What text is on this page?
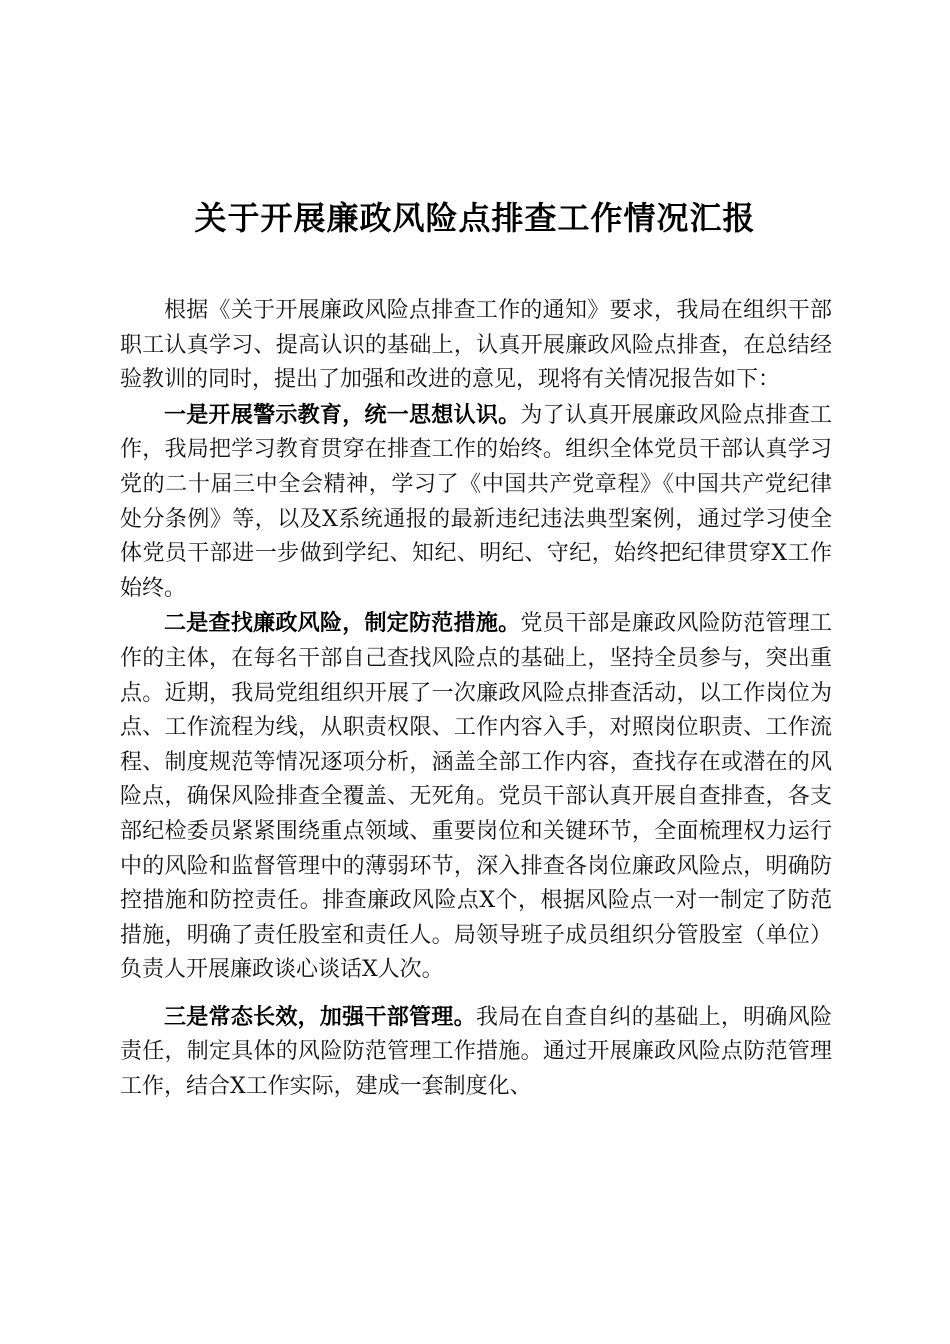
关于开展廉政风险点排查工作情况汇报

根据《关于开展廉政风险点排查工作的通知》要求，我局在组织干部职工认真学习、提高认识的基础上，认真开展廉政风险点排查，在总结经验教训的同时，提出了加强和改进的意见，现将有关情况报告如下：

一是开展警示教育，统一思想认识。为了认真开展廉政风险点排查工作，我局把学习教育贯穿在排查工作的始终。组织全体党员干部认真学习党的二十届三中全会精神，学习了《中国共产党章程》《中国共产党纪律处分条例》等，以及X系统通报的最新违纪违法典型案例，通过学习使全体党员干部进一步做到学纪、知纪、明纪、守纪，始终把纪律贯穿X工作始终。

二是查找廉政风险，制定防范措施。党员干部是廉政风险防范管理工作的主体，在每名干部自己查找风险点的基础上，坚持全员参与，突出重点。近期，我局党组组织开展了一次廉政风险点排查活动，以工作岗位为点、工作流程为线，从职责权限、工作内容入手，对照岗位职责、工作流程、制度规范等情况逐项分析，涵盖全部工作内容，查找存在或潜在的风险点，确保风险排查全覆盖、无死角。党员干部认真开展自查排查，各支部纪检委员紧紧围绕重点领域、重要岗位和关键环节，全面梳理权力运行中的风险和监督管理中的薄弱环节，深入排查各岗位廉政风险点，明确防控措施和防控责任。排查廉政风险点X个，根据风险点一对一制定了防范措施，明确了责任股室和责任人。局领导班子成员组织分管股室（单位）负责人开展廉政谈心谈话X人次。

三是常态长效，加强干部管理。我局在自查自纠的基础上，明确风险责任，制定具体的风险防范管理工作措施。通过开展廉政风险点防范管理工作，结合X工作实际，建成一套制度化、
